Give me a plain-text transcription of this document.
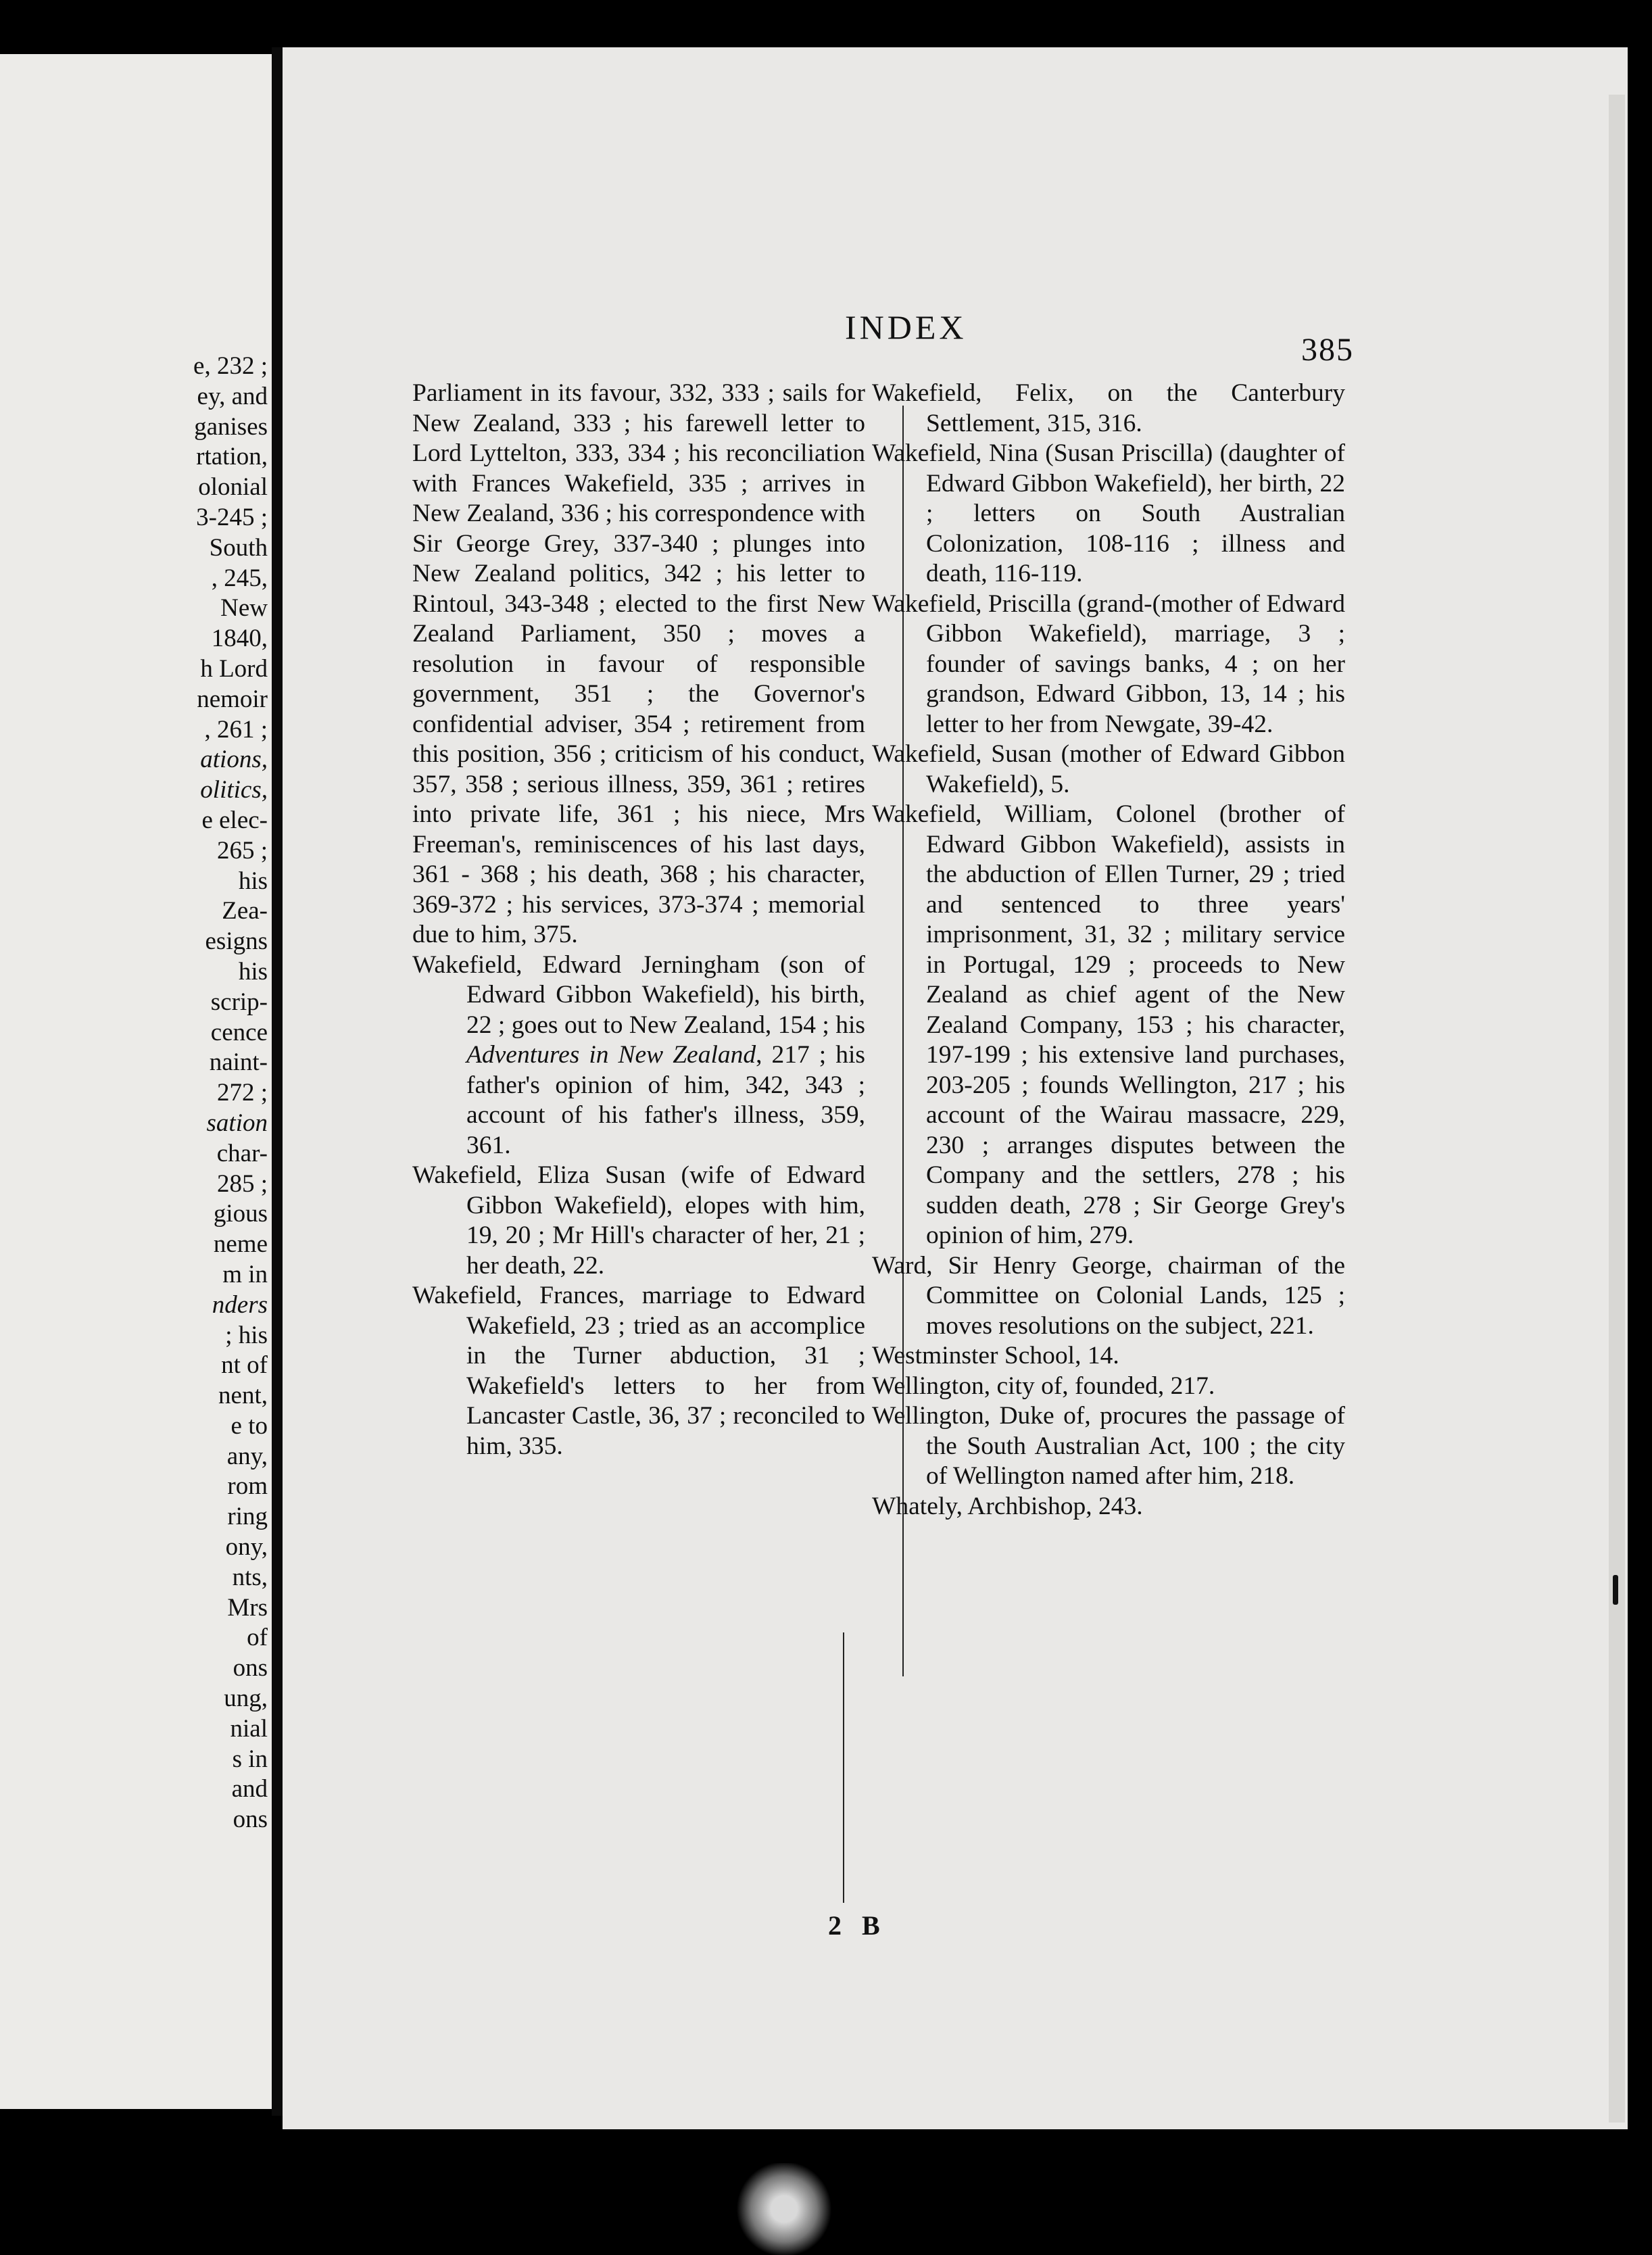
e, 232 ;
ey, and
ganises
rtation,
olonial
3-245 ;
South
, 245,
New
1840,
h Lord
nemoir
, 261 ;
ations,
olitics,
e elec-
265 ;
his
Zea-
esigns
his
scrip-
cence
naint-
272 ;
sation
char-
285 ;
gious
neme
m in
nders
; his
nt of
nent,
e to
any,
rom
ring
ony,
nts,
Mrs
of
ons
ung,
nial
s in
and
ons
INDEX
385

Parliament in its favour, 332, 333 ; sails for New Zealand, 333 ; his farewell letter to Lord Lyttelton, 333, 334 ; his reconciliation with Frances Wakefield, 335 ; arrives in New Zealand, 336 ; his correspondence with Sir George Grey, 337-340 ; plunges into New Zealand politics, 342 ; his letter to Rintoul, 343-348 ; elected to the first New Zealand Parliament, 350 ; moves a resolution in favour of responsible government, 351 ; the Governor's confidential adviser, 354 ; retirement from this position, 356 ; criticism of his conduct, 357, 358 ; serious illness, 359, 361 ; retires into private life, 361 ; his niece, Mrs Freeman's, reminiscences of his last days, 361 - 368 ; his death, 368 ; his character, 369-372 ; his services, 373-374 ; memorial due to him, 375.

Wakefield, Edward Jerningham (son of Edward Gibbon Wakefield), his birth, 22 ; goes out to New Zealand, 154 ; his Adventures in New Zealand, 217 ; his father's opinion of him, 342, 343 ; account of his father's illness, 359, 361.

Wakefield, Eliza Susan (wife of Edward Gibbon Wakefield), elopes with him, 19, 20 ; Mr Hill's character of her, 21 ; her death, 22.

Wakefield, Frances, marriage to Edward Wakefield, 23 ; tried as an accomplice in the Turner abduction, 31 ; Wakefield's letters to her from Lancaster Castle, 36, 37 ; reconciled to him, 335.

Wakefield, Felix, on the Canterbury Settlement, 315, 316.

Wakefield, Nina (Susan Priscilla) (daughter of Edward Gibbon Wakefield), her birth, 22 ; letters on South Australian Colonization, 108-116 ; illness and death, 116-119.

Wakefield, Priscilla (grand-(mother of Edward Gibbon Wakefield), marriage, 3 ; founder of savings banks, 4 ; on her grandson, Edward Gibbon, 13, 14 ; his letter to her from Newgate, 39-42.

Wakefield, Susan (mother of Edward Gibbon Wakefield), 5.

Wakefield, William, Colonel (brother of Edward Gibbon Wakefield), assists in the abduction of Ellen Turner, 29 ; tried and sentenced to three years' imprisonment, 31, 32 ; military service in Portugal, 129 ; proceeds to New Zealand as chief agent of the New Zealand Company, 153 ; his character, 197-199 ; his extensive land purchases, 203-205 ; founds Wellington, 217 ; his account of the Wairau massacre, 229, 230 ; arranges disputes between the Company and the settlers, 278 ; his sudden death, 278 ; Sir George Grey's opinion of him, 279.

Ward, Sir Henry George, chairman of the Committee on Colonial Lands, 125 ; moves resolutions on the subject, 221.

Westminster School, 14.

Wellington, city of, founded, 217.

Wellington, Duke of, procures the passage of the South Australian Act, 100 ; the city of Wellington named after him, 218.

Whately, Archbishop, 243.

2 B
